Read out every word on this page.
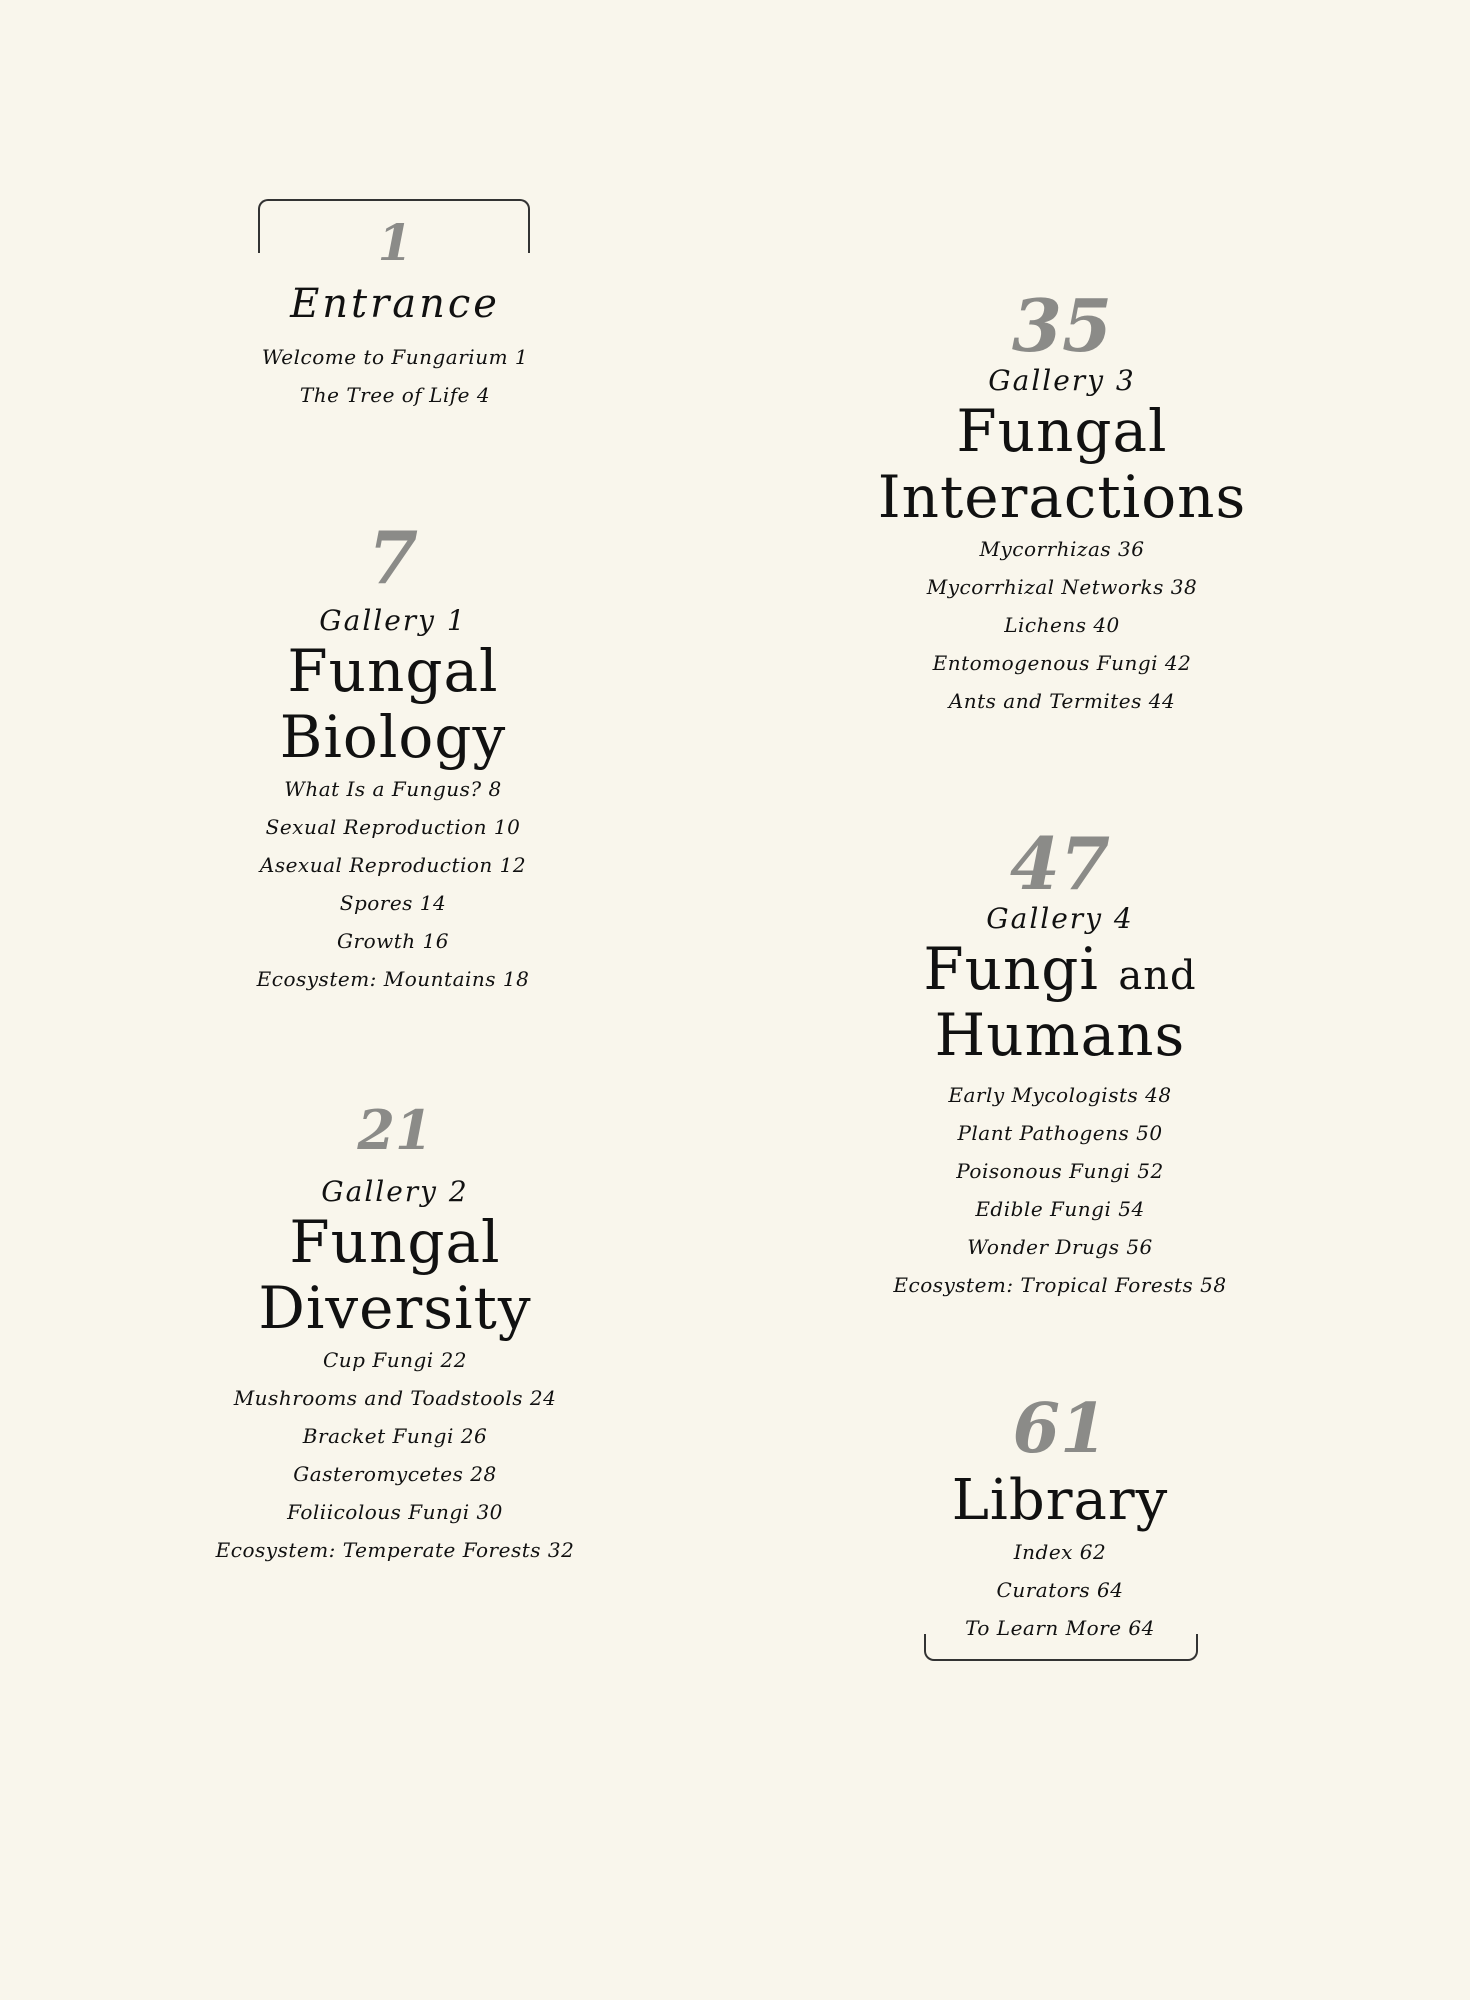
1
Entrance
Welcome to Fungarium 1
The Tree of Life 4
7
Gallery 1
Fungal
Biology
What Is a Fungus? 8
Sexual Reproduction 10
Asexual Reproduction 12
Spores 14
Growth 16
Ecosystem: Mountains 18
21
Gallery 2
Fungal
Diversity
Cup Fungi 22
Mushrooms and Toadstools 24
Bracket Fungi 26
Gasteromycetes 28
Foliicolous Fungi 30
Ecosystem: Temperate Forests 32
35
Gallery 3
Fungal
Interactions
Mycorrhizas 36
Mycorrhizal Networks 38
Lichens 40
Entomogenous Fungi 42
Ants and Termites 44
47
Gallery 4
Fungi and
Humans
Early Mycologists 48
Plant Pathogens 50
Poisonous Fungi 52
Edible Fungi 54
Wonder Drugs 56
Ecosystem: Tropical Forests 58
61
Library
Index 62
Curators 64
To Learn More 64
